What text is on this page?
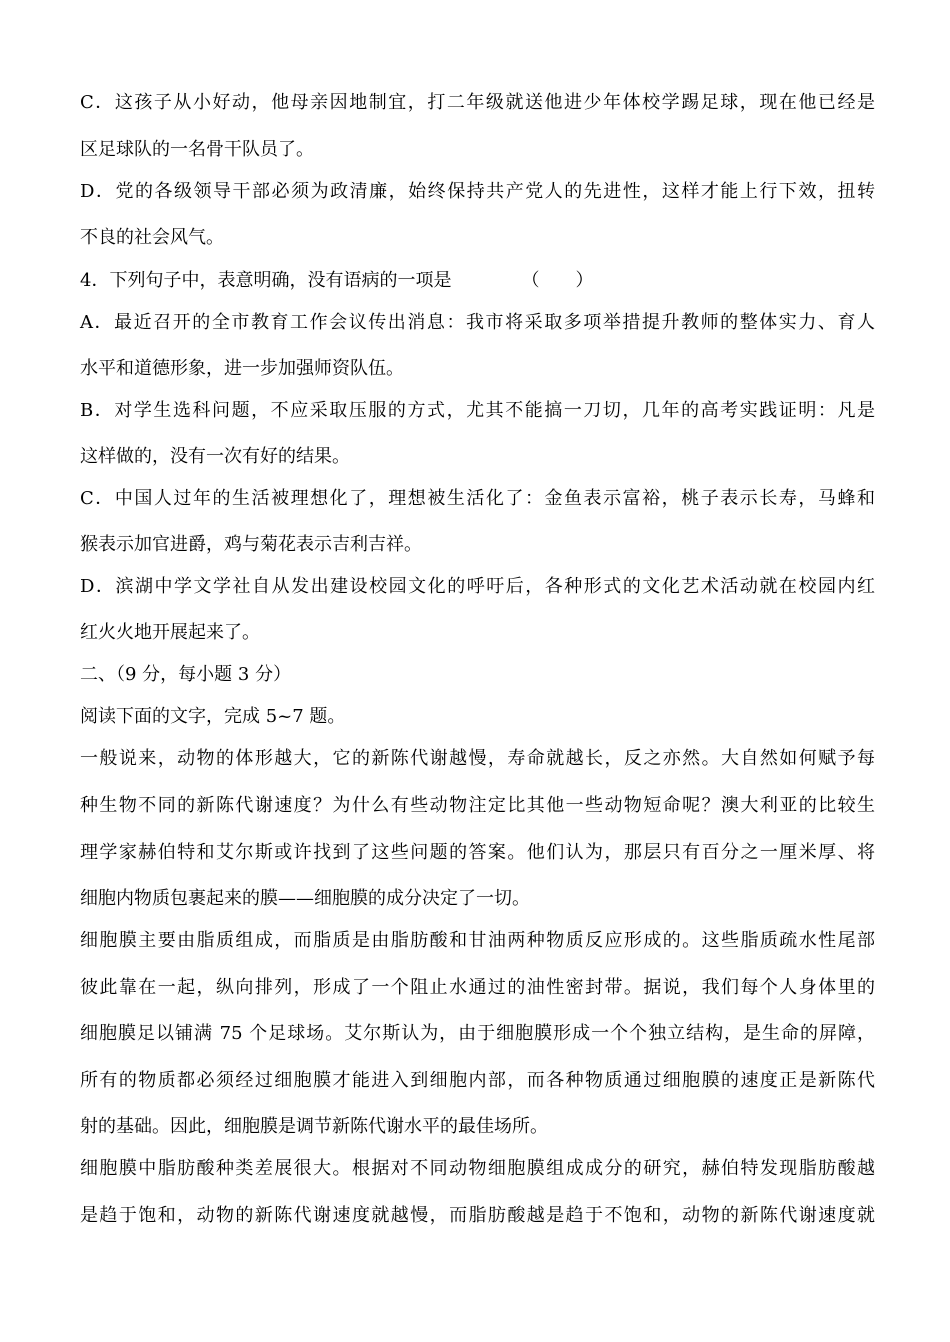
C．这孩子从小好动，他母亲因地制宜，打二年级就送他进少年体校学踢足球，现在他已经是

区足球队的一名骨干队员了。

D．党的各级领导干部必须为政清廉，始终保持共产党人的先进性，这样才能上行下效，扭转

不良的社会风气。

4．下列句子中，表意明确，没有语病的一项是	（　　）

A．最近召开的全市教育工作会议传出消息：我市将采取多项举措提升教师的整体实力、育人

水平和道德形象，进一步加强师资队伍。

B．对学生选科问题，不应采取压服的方式，尤其不能搞一刀切，几年的高考实践证明：凡是

这样做的，没有一次有好的结果。

C．中国人过年的生活被理想化了，理想被生活化了：金鱼表示富裕，桃子表示长寿，马蜂和

猴表示加官进爵，鸡与菊花表示吉利吉祥。

D．滨湖中学文学社自从发出建设校园文化的呼吁后，各种形式的文化艺术活动就在校园内红

红火火地开展起来了。

二、（9 分，每小题 3 分）

阅读下面的文字，完成 5~7 题。

一般说来，动物的体形越大，它的新陈代谢越慢，寿命就越长，反之亦然。大自然如何赋予每

种生物不同的新陈代谢速度？为什么有些动物注定比其他一些动物短命呢？澳大利亚的比较生

理学家赫伯特和艾尔斯或许找到了这些问题的答案。他们认为，那层只有百分之一厘米厚、将

细胞内物质包裹起来的膜——细胞膜的成分决定了一切。

细胞膜主要由脂质组成，而脂质是由脂肪酸和甘油两种物质反应形成的。这些脂质疏水性尾部

彼此靠在一起，纵向排列，形成了一个阻止水通过的油性密封带。据说，我们每个人身体里的

细胞膜足以铺满 75 个足球场。艾尔斯认为，由于细胞膜形成一个个独立结构，是生命的屏障，

所有的物质都必须经过细胞膜才能进入到细胞内部，而各种物质通过细胞膜的速度正是新陈代

射的基础。因此，细胞膜是调节新陈代谢水平的最佳场所。

细胞膜中脂肪酸种类差展很大。根据对不同动物细胞膜组成成分的研究，赫伯特发现脂肪酸越

是趋于饱和，动物的新陈代谢速度就越慢，而脂肪酸越是趋于不饱和，动物的新陈代谢速度就
